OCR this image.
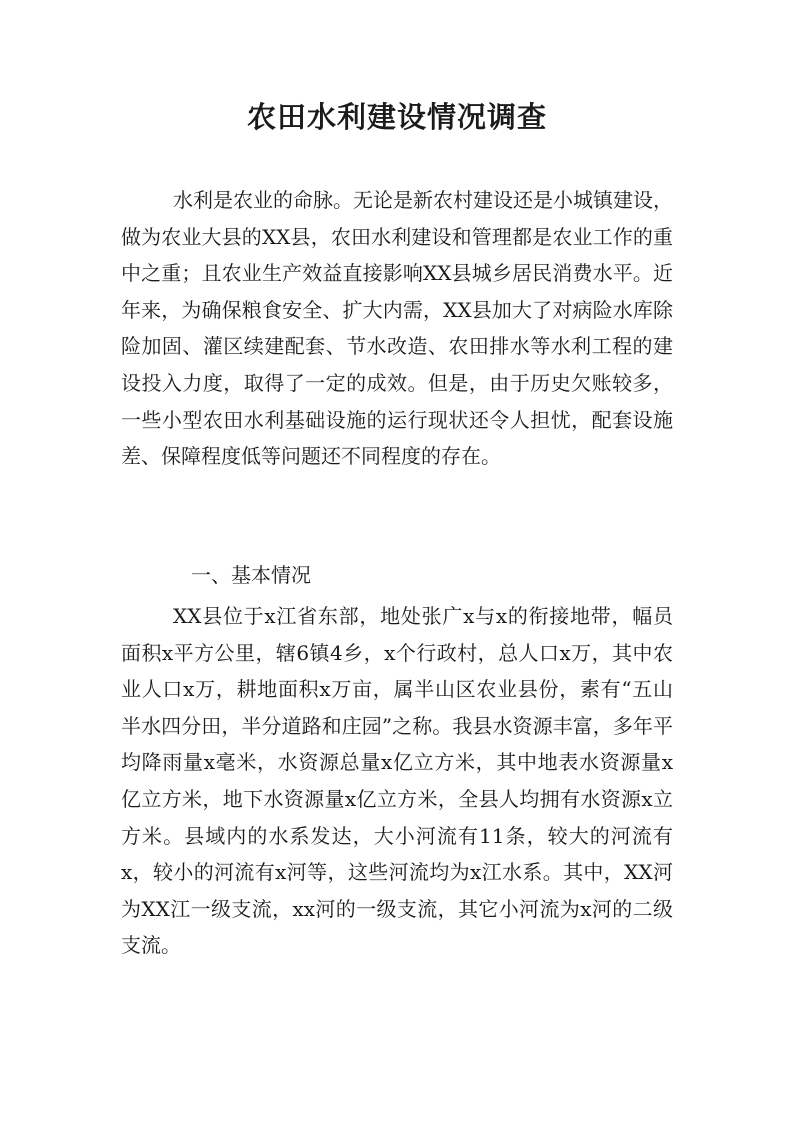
农田水利建设情况调查

水利是农业的命脉。无论是新农村建设还是小城镇建设，做为农业大县的XX县，农田水利建设和管理都是农业工作的重中之重；且农业生产效益直接影响XX县城乡居民消费水平。近年来，为确保粮食安全、扩大内需，XX县加大了对病险水库除险加固、灌区续建配套、节水改造、农田排水等水利工程的建设投入力度，取得了一定的成效。但是，由于历史欠账较多，一些小型农田水利基础设施的运行现状还令人担忧，配套设施差、保障程度低等问题还不同程度的存在。

一、基本情况

XX县位于x江省东部，地处张广x与x的衔接地带，幅员面积x平方公里，辖6镇4乡，x个行政村，总人口x万，其中农业人口x万，耕地面积x万亩，属半山区农业县份，素有“五山半水四分田，半分道路和庄园”之称。我县水资源丰富，多年平均降雨量x毫米，水资源总量x亿立方米，其中地表水资源量x亿立方米，地下水资源量x亿立方米，全县人均拥有水资源x立方米。县域内的水系发达，大小河流有11条，较大的河流有x，较小的河流有x河等，这些河流均为x江水系。其中，XX河为XX江一级支流，xx河的一级支流，其它小河流为x河的二级支流。
